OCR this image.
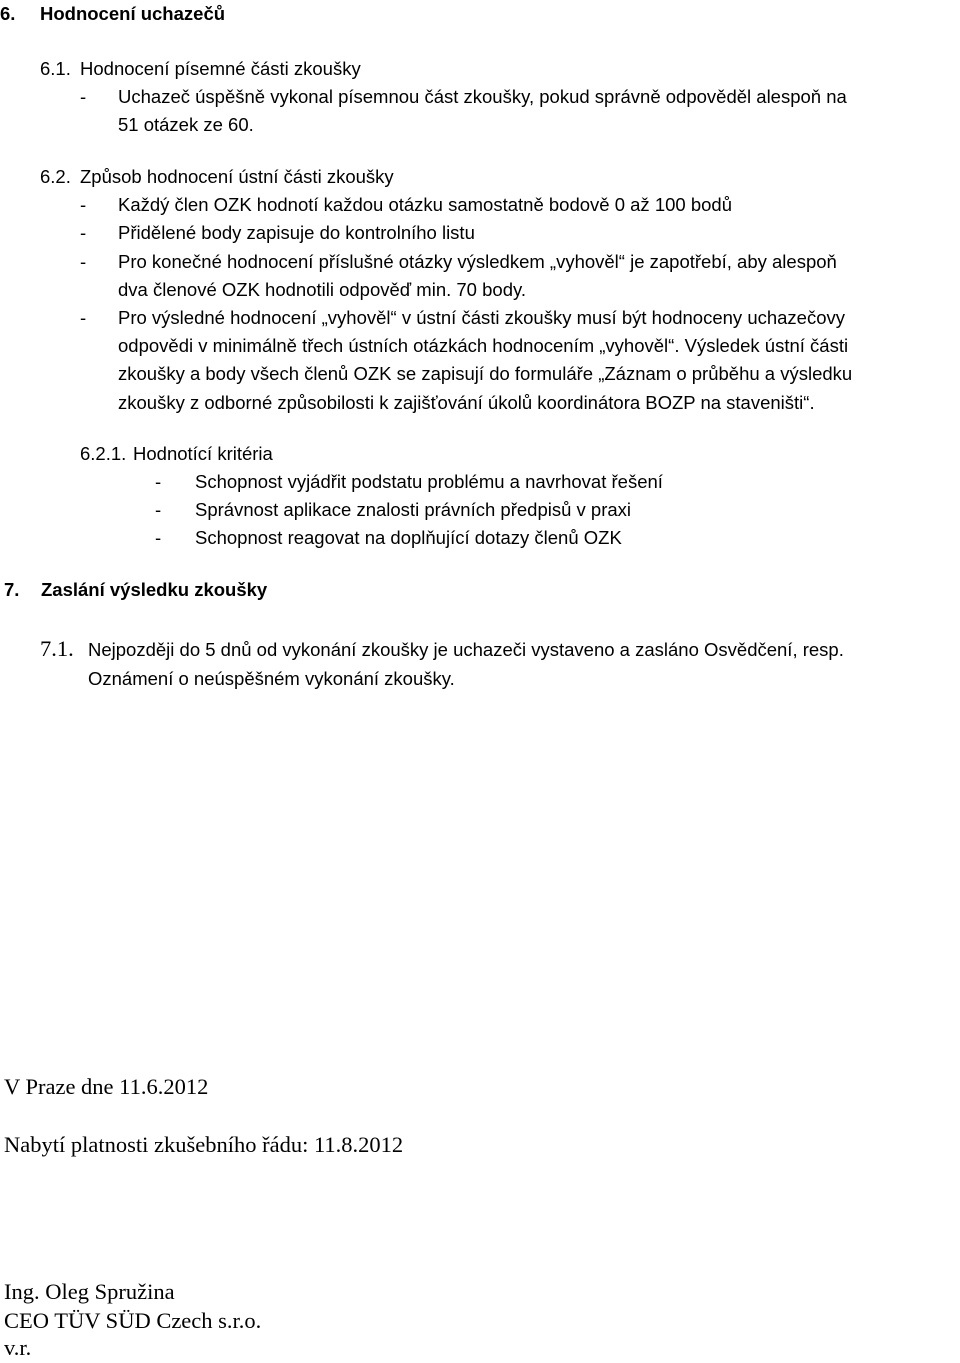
6. Hodnocení uchazečů
6.1. Hodnocení písemné části zkoušky
- Uchazeč úspěšně vykonal písemnou část zkoušky, pokud správně odpověděl alespoň na
51 otázek ze 60.
6.2. Způsob hodnocení ústní části zkoušky
- Každý člen OZK hodnotí každou otázku samostatně bodově 0 až 100 bodů
- Přidělené body zapisuje do kontrolního listu
- Pro konečné hodnocení příslušné otázky výsledkem „vyhověl“ je zapotřebí, aby alespoň
dva členové OZK hodnotili odpověď min. 70 body.
- Pro výsledné hodnocení „vyhověl“ v ústní části zkoušky musí být hodnoceny uchazečovy
odpovědi v minimálně třech ústních otázkách hodnocením „vyhověl“. Výsledek ústní části
zkoušky a body všech členů OZK se zapisují do formuláře „Záznam o průběhu a výsledku
zkoušky z odborné způsobilosti k zajišťování úkolů koordinátora BOZP na staveništi“.
6.2.1. Hodnotící kritéria
- Schopnost vyjádřit podstatu problému a navrhovat řešení
- Správnost aplikace znalosti právních předpisů v praxi
- Schopnost reagovat na doplňující dotazy členů OZK
7. Zaslání výsledku zkoušky
7.1. Nejpozději do 5 dnů od vykonání zkoušky je uchazeči vystaveno a zasláno Osvědčení, resp.
Oznámení o neúspěšném vykonání zkoušky.
V Praze dne 11.6.2012
Nabytí platnosti zkušebního řádu: 11.8.2012
Ing. Oleg Spružina
CEO TÜV SÜD Czech s.r.o.
v.r.
